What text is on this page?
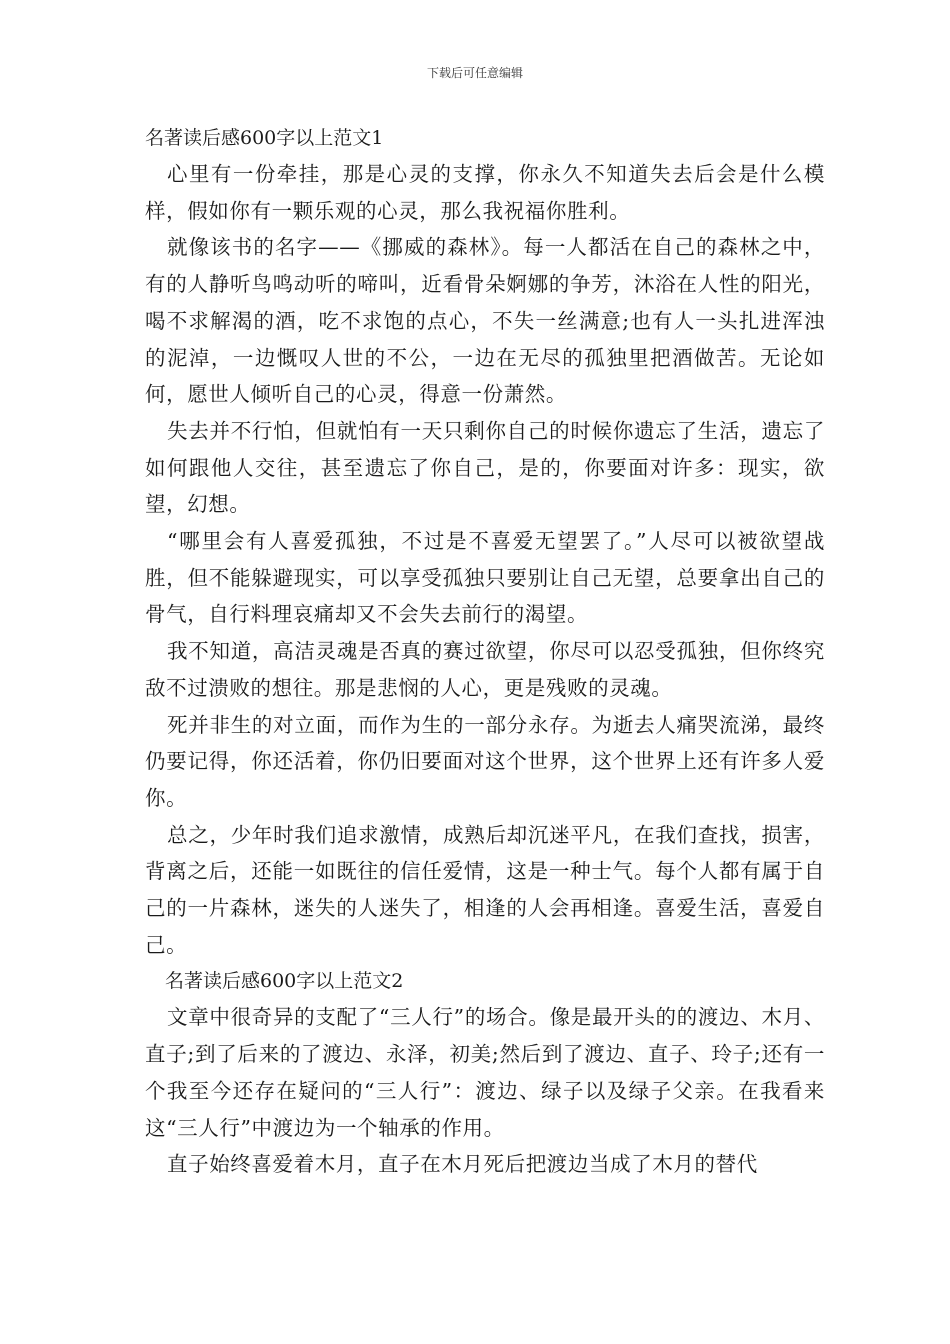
下载后可任意编辑

名著读后感600字以上范文1

心里有一份牵挂，那是心灵的支撑，你永久不知道失去后会是什么模样，假如你有一颗乐观的心灵，那么我祝福你胜利。

就像该书的名字——《挪威的森林》。每一人都活在自己的森林之中，有的人静听鸟鸣动听的啼叫，近看骨朵婀娜的争芳，沐浴在人性的阳光，喝不求解渴的酒，吃不求饱的点心，不失一丝满意;也有人一头扎进浑浊的泥淖，一边慨叹人世的不公，一边在无尽的孤独里把酒做苦。无论如何，愿世人倾听自己的心灵，得意一份萧然。

失去并不行怕，但就怕有一天只剩你自己的时候你遗忘了生活，遗忘了如何跟他人交往，甚至遗忘了你自己，是的，你要面对许多：现实，欲望，幻想。

“哪里会有人喜爱孤独，不过是不喜爱无望罢了。”人尽可以被欲望战胜，但不能躲避现实，可以享受孤独只要别让自己无望，总要拿出自己的骨气，自行料理哀痛却又不会失去前行的渴望。

我不知道，高洁灵魂是否真的赛过欲望，你尽可以忍受孤独，但你终究敌不过溃败的想往。那是悲悯的人心，更是残败的灵魂。

死并非生的对立面，而作为生的一部分永存。为逝去人痛哭流涕，最终仍要记得，你还活着，你仍旧要面对这个世界，这个世界上还有许多人爱你。

总之，少年时我们追求激情，成熟后却沉迷平凡，在我们查找，损害，背离之后，还能一如既往的信任爱情，这是一种士气。每个人都有属于自己的一片森林，迷失的人迷失了，相逢的人会再相逢。喜爱生活，喜爱自己。

名著读后感600字以上范文2

文章中很奇异的支配了“三人行”的场合。像是最开头的的渡边、木月、直子;到了后来的了渡边、永泽，初美;然后到了渡边、直子、玲子;还有一个我至今还存在疑问的“三人行”：渡边、绿子以及绿子父亲。在我看来这“三人行”中渡边为一个轴承的作用。

直子始终喜爱着木月，直子在木月死后把渡边当成了木月的替代
